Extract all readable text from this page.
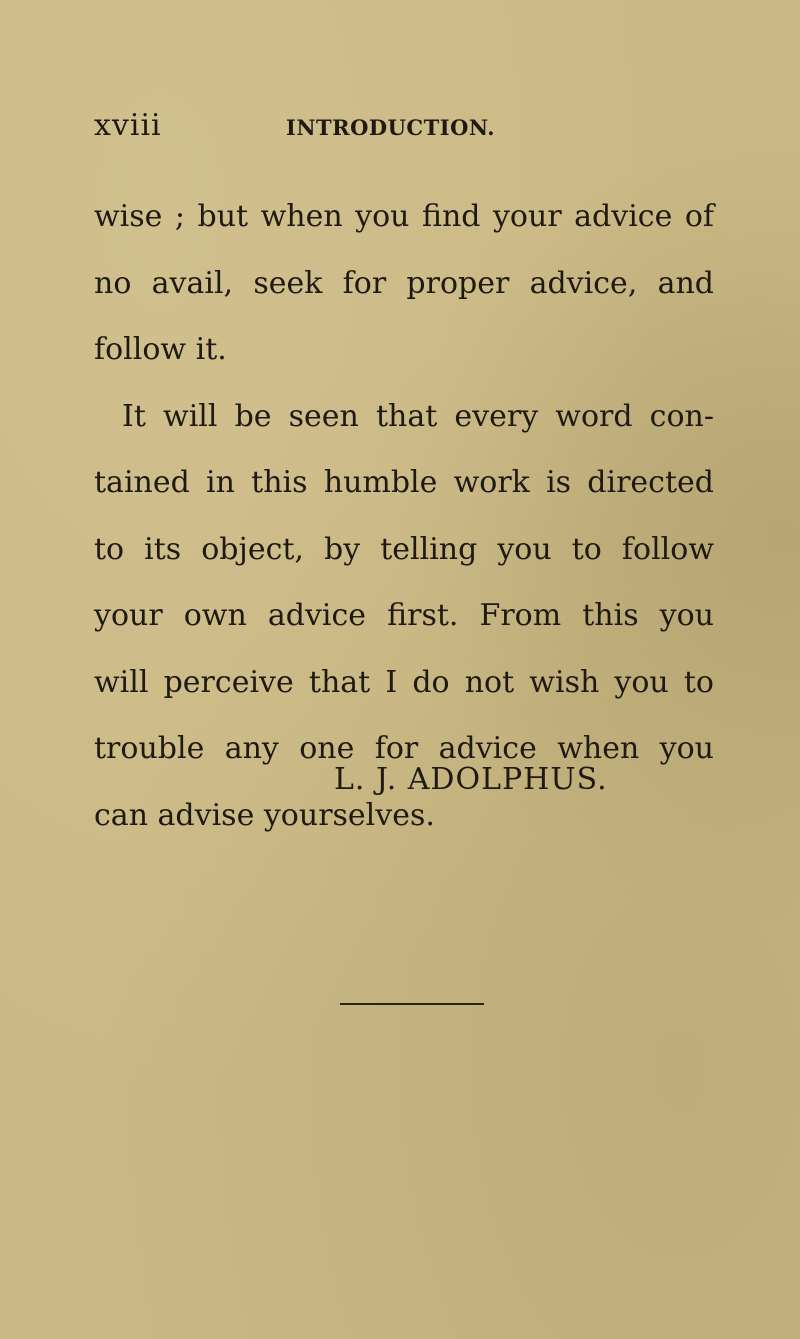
xviii	INTRODUCTION.
wise ; but when you find your advice of
no avail, seek for proper advice, and
follow it.
It will be seen that every word con-
tained in this humble work is directed
to its object, by telling you to follow
your own advice first. From this you
will perceive that I do not wish you to
trouble any one for advice when you
can advise yourselves.
L. J. ADOLPHUS.
